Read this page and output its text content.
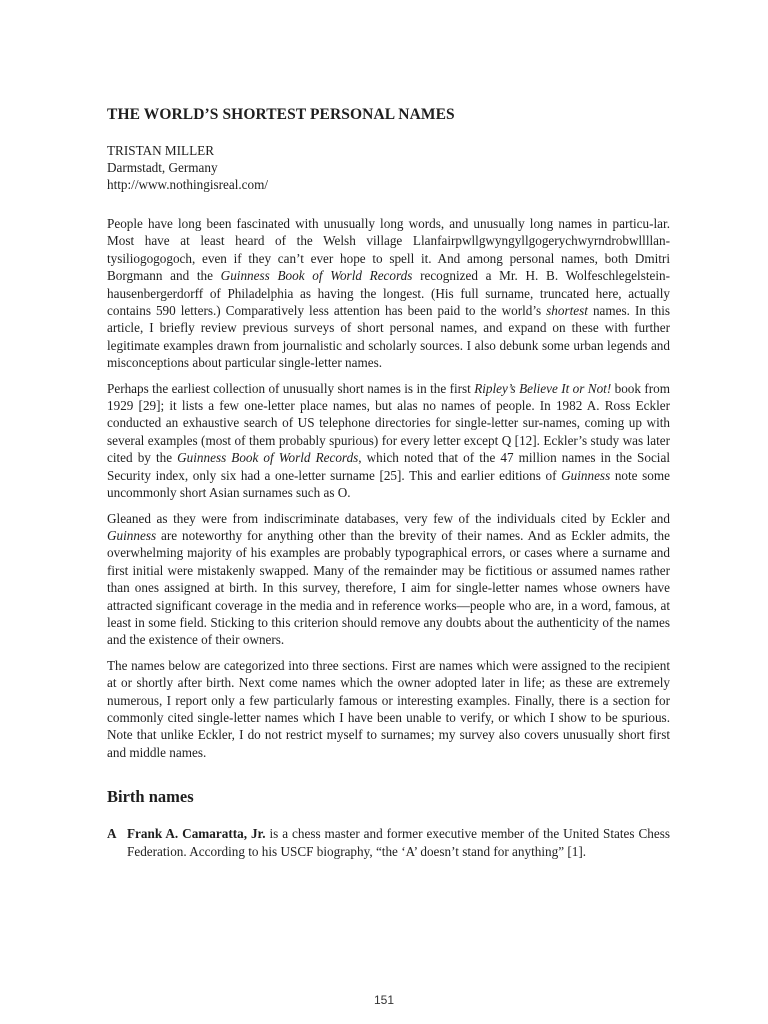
THE WORLD’S SHORTEST PERSONAL NAMES
TRISTAN MILLER
Darmstadt, Germany
http://www.nothingisreal.com/

People have long been fascinated with unusually long words, and unusually long names in particu-lar. Most have at least heard of the Welsh village Llanfairpwllgwyngyllgogerychwyrndrobwllllan-tysiliogogogoch, even if they can’t ever hope to spell it. And among personal names, both Dmitri Borgmann and the Guinness Book of World Records recognized a Mr. H. B. Wolfeschlegelstein-hausenbergerdorff of Philadelphia as having the longest. (His full surname, truncated here, actually contains 590 letters.) Comparatively less attention has been paid to the world’s shortest names. In this article, I briefly review previous surveys of short personal names, and expand on these with further legitimate examples drawn from journalistic and scholarly sources. I also debunk some urban legends and misconceptions about particular single-letter names.

Perhaps the earliest collection of unusually short names is in the first Ripley’s Believe It or Not! book from 1929 [29]; it lists a few one-letter place names, but alas no names of people. In 1982 A. Ross Eckler conducted an exhaustive search of US telephone directories for single-letter sur-names, coming up with several examples (most of them probably spurious) for every letter except Q [12]. Eckler’s study was later cited by the Guinness Book of World Records, which noted that of the 47 million names in the Social Security index, only six had a one-letter surname [25]. This and earlier editions of Guinness note some uncommonly short Asian surnames such as O.

Gleaned as they were from indiscriminate databases, very few of the individuals cited by Eckler and Guinness are noteworthy for anything other than the brevity of their names. And as Eckler admits, the overwhelming majority of his examples are probably typographical errors, or cases where a surname and first initial were mistakenly swapped. Many of the remainder may be fictitious or assumed names rather than ones assigned at birth. In this survey, therefore, I aim for single-letter names whose owners have attracted significant coverage in the media and in reference works—people who are, in a word, famous, at least in some field. Sticking to this criterion should remove any doubts about the authenticity of the names and the existence of their owners.

The names below are categorized into three sections. First are names which were assigned to the recipient at or shortly after birth. Next come names which the owner adopted later in life; as these are extremely numerous, I report only a few particularly famous or interesting examples. Finally, there is a section for commonly cited single-letter names which I have been unable to verify, or which I show to be spurious. Note that unlike Eckler, I do not restrict myself to surnames; my survey also covers unusually short first and middle names.

Birth names
A Frank A. Camaratta, Jr. is a chess master and former executive member of the United States Chess Federation. According to his USCF biography, “the ‘A’ doesn’t stand for anything” [1].
151
